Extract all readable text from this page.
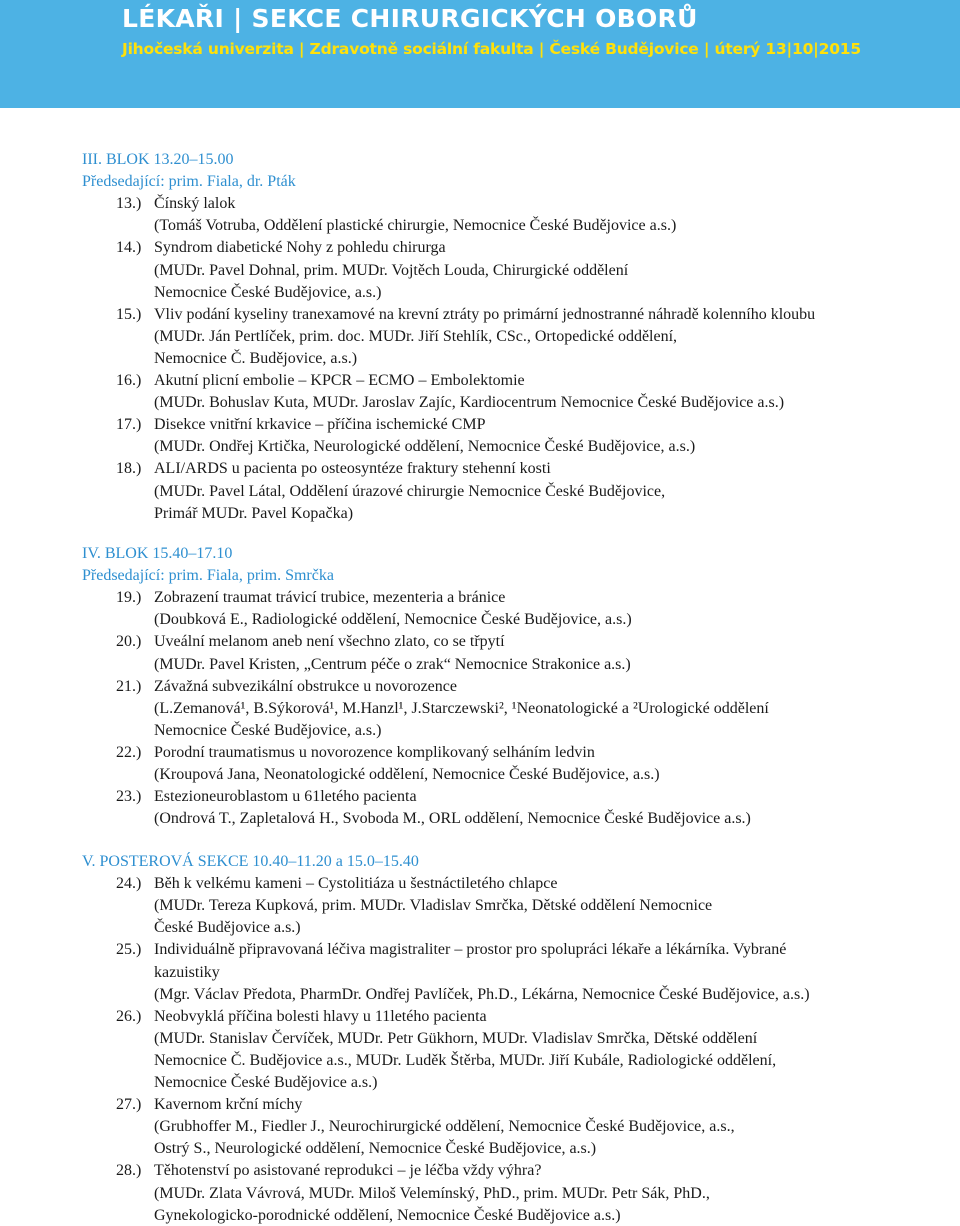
LÉKAŘI | SEKCE CHIRURGICKÝCH OBORŮ
Jihočeská univerzita | Zdravotně sociální fakulta | České Budějovice | úterý 13|10|2015
III. BLOK 13.20–15.00
Předsedající: prim. Fiala, dr. Pták
13.) Čínský lalok
(Tomáš Votruba, Oddělení plastické chirurgie, Nemocnice České Budějovice a.s.)
14.) Syndrom diabetické Nohy z pohledu chirurga
(MUDr. Pavel Dohnal, prim. MUDr. Vojtěch Louda, Chirurgické oddělení
Nemocnice České Budějovice, a.s.)
15.) Vliv podání kyseliny tranexamové na krevní ztráty po primární jednostranné náhradě kolenního kloubu
(MUDr. Ján Pertlíček, prim. doc. MUDr. Jiří Stehlík, CSc., Ortopedické oddělení,
Nemocnice Č. Budějovice, a.s.)
16.) Akutní plicní embolie – KPCR – ECMO – Embolektomie
(MUDr. Bohuslav Kuta, MUDr. Jaroslav Zajíc, Kardiocentrum Nemocnice České Budějovice a.s.)
17.) Disekce vnitřní krkavice – příčina ischemické CMP
(MUDr. Ondřej Krtička, Neurologické oddělení, Nemocnice České Budějovice, a.s.)
18.) ALI/ARDS u pacienta po osteosyntéze fraktury stehenní kosti
(MUDr. Pavel Látal, Oddělení úrazové chirurgie Nemocnice České Budějovice,
Primář MUDr. Pavel Kopačka)
IV. BLOK 15.40–17.10
Předsedající: prim. Fiala, prim. Smrčka
19.) Zobrazení traumat trávicí trubice, mezenteria a bránice
(Doubková E., Radiologické oddělení, Nemocnice České Budějovice, a.s.)
20.) Uveální melanom aneb není všechno zlato, co se třpytí
(MUDr. Pavel Kristen, „Centrum péče o zrak“ Nemocnice Strakonice a.s.)
21.) Závažná subvezikální obstrukce u novorozence
(L.Zemanová¹, B.Sýkorová¹, M.Hanzl¹, J.Starczewski², ¹Neonatologické a ²Urologické oddělení
Nemocnice České Budějovice, a.s.)
22.) Porodní traumatismus u novorozence komplikovaný selháním ledvin
(Kroupová Jana, Neonatologické oddělení, Nemocnice České Budějovice, a.s.)
23.) Estezioneuroblastom u 61letého pacienta
(Ondrová T., Zapletalová H., Svoboda M., ORL oddělení, Nemocnice České Budějovice a.s.)
V. POSTEROVÁ SEKCE 10.40–11.20 a 15.0–15.40
24.) Běh k velkému kameni – Cystolitiáza u šestnáctiletého chlapce
(MUDr. Tereza Kupková, prim. MUDr. Vladislav Smrčka, Dětské oddělení Nemocnice
České Budějovice a.s.)
25.) Individuálně připravovaná léčiva magistraliter – prostor pro spolupráci lékaře a lékárníka. Vybrané
kazuistiky
(Mgr. Václav Předota, PharmDr. Ondřej Pavlíček, Ph.D., Lékárna, Nemocnice České Budějovice, a.s.)
26.) Neobvyklá příčina bolesti hlavy u 11letého pacienta
(MUDr. Stanislav Červíček, MUDr. Petr Gükhorn, MUDr. Vladislav Smrčka, Dětské oddělení
Nemocnice Č. Budějovice a.s., MUDr. Luděk Štěrba, MUDr. Jiří Kubále, Radiologické oddělení,
Nemocnice České Budějovice a.s.)
27.) Kavernom krční míchy
(Grubhoffer M., Fiedler J., Neurochirurgické oddělení, Nemocnice České Budějovice, a.s.,
Ostrý S., Neurologické oddělení, Nemocnice České Budějovice, a.s.)
28.) Těhotenství po asistované reprodukci – je léčba vždy výhra?
(MUDr. Zlata Vávrová, MUDr. Miloš Velemínský, PhD., prim. MUDr. Petr Sák, PhD.,
Gynekologicko-porodnické oddělení, Nemocnice České Budějovice a.s.)
